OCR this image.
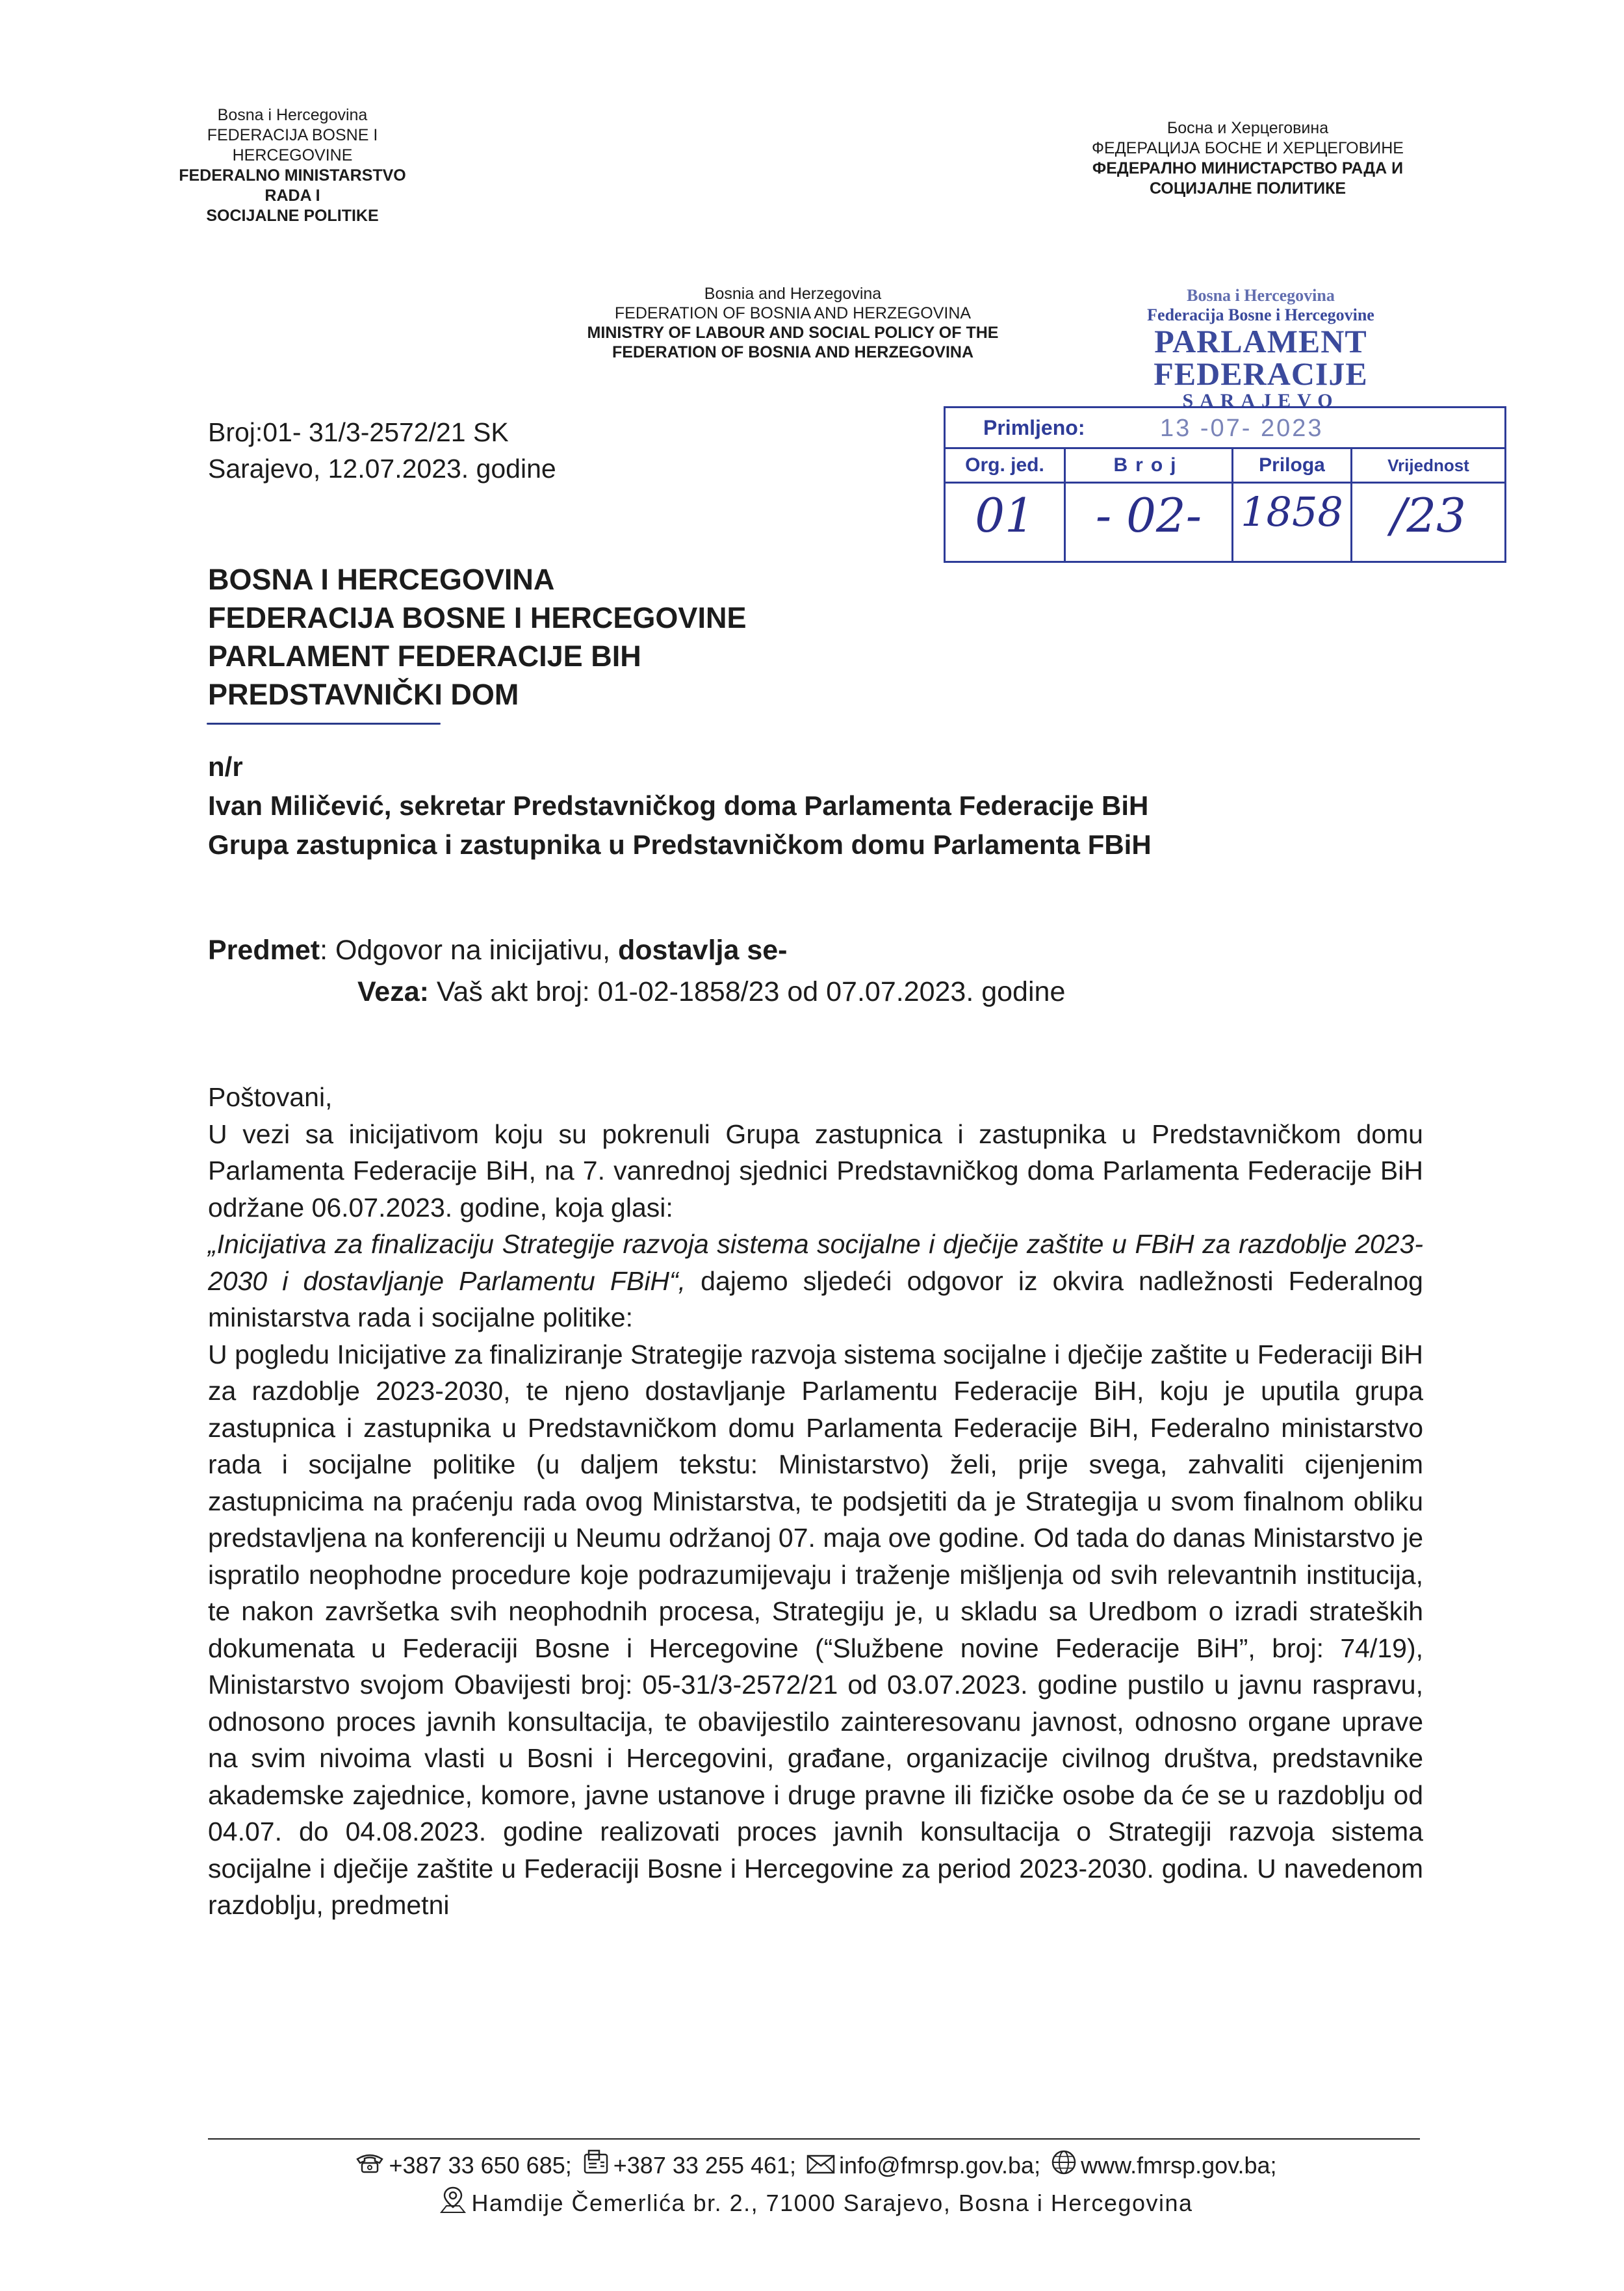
Bosna i Hercegovina
FEDERACIJA BOSNE I HERCEGOVINE
FEDERALNO MINISTARSTVO RADA I
SOCIJALNE POLITIKE
Босна и Херцеговина
ФЕДЕРАЦИЈА БОСНЕ И ХЕРЦЕГОВИНЕ
ФЕДЕРАЛНО МИНИСТАРСТВО РАДА И
СОЦИЈАЛНЕ ПОЛИТИКЕ
Bosnia and Herzegovina
FEDERATION OF BOSNIA AND HERZEGOVINA
MINISTRY OF LABOUR AND SOCIAL POLICY OF THE
FEDERATION OF BOSNIA AND HERZEGOVINA
Bosna i Hercegovina
Federacija Bosne i Hercegovine
PARLAMENT FEDERACIJE
SARAJEVO
Primljeno:	13 -07- 2023
Org. jed.
01
Broj
- 02-
Priloga
1858
Vrijednost
/23
Broj:01- 31/3-2572/21 SK
Sarajevo, 12.07.2023. godine
BOSNA I HERCEGOVINA
FEDERACIJA BOSNE I HERCEGOVINE
PARLAMENT FEDERACIJE BIH
PREDSTAVNIČKI DOM
n/r
Ivan Miličević, sekretar Predstavničkog doma Parlamenta Federacije BiH
Grupa zastupnica i zastupnika u Predstavničkom domu Parlamenta FBiH
Predmet: Odgovor na inicijativu, dostavlja se-
Veza: Vaš akt broj: 01-02-1858/23 od 07.07.2023. godine

Poštovani,

U vezi sa inicijativom koju su pokrenuli Grupa zastupnica i zastupnika u Predstavničkom domu Parlamenta Federacije BiH, na 7. vanrednoj sjednici Predstavničkog doma Parlamenta Federacije BiH održane 06.07.2023. godine, koja glasi:

„Inicijativa za finalizaciju Strategije razvoja sistema socijalne i dječije zaštite u FBiH za razdoblje 2023-2030 i dostavljanje Parlamentu FBiH“, dajemo sljedeći odgovor iz okvira nadležnosti Federalnog ministarstva rada i socijalne politike:

U pogledu Inicijative za finaliziranje Strategije razvoja sistema socijalne i dječije zaštite u Federaciji BiH za razdoblje 2023-2030, te njeno dostavljanje Parlamentu Federacije BiH, koju je uputila grupa zastupnica i zastupnika u Predstavničkom domu Parlamenta Federacije BiH, Federalno ministarstvo rada i socijalne politike (u daljem tekstu: Ministarstvo) želi, prije svega, zahvaliti cijenjenim zastupnicima na praćenju rada ovog Ministarstva, te podsjetiti da je Strategija u svom finalnom obliku predstavljena na konferenciji u Neumu održanoj 07. maja ove godine. Od tada do danas Ministarstvo je ispratilo neophodne procedure koje podrazumijevaju i traženje mišljenja od svih relevantnih institucija, te nakon završetka svih neophodnih procesa, Strategiju je, u skladu sa Uredbom o izradi strateških dokumenata u Federaciji Bosne i Hercegovine (“Službene novine Federacije BiH”, broj: 74/19), Ministarstvo svojom Obavijesti broj: 05-31/3-2572/21 od 03.07.2023. godine pustilo u javnu raspravu, odnosono proces javnih konsultacija, te obavijestilo zainteresovanu javnost, odnosno organe uprave na svim nivoima vlasti u Bosni i Hercegovini, građane, organizacije civilnog društva, predstavnike akademske zajednice, komore, javne ustanove i druge pravne ili fizičke osobe da će se u razdoblju od 04.07. do 04.08.2023. godine realizovati proces javnih konsultacija o Strategiji razvoja sistema socijalne i dječije zaštite u Federaciji Bosne i Hercegovine za period 2023-2030. godina. U navedenom razdoblju, predmetni

+387 33 650 685; +387 33 255 461; info@fmrsp.gov.ba; www.fmrsp.gov.ba;
Hamdije Čemerlića br. 2., 71000 Sarajevo, Bosna i Hercegovina
